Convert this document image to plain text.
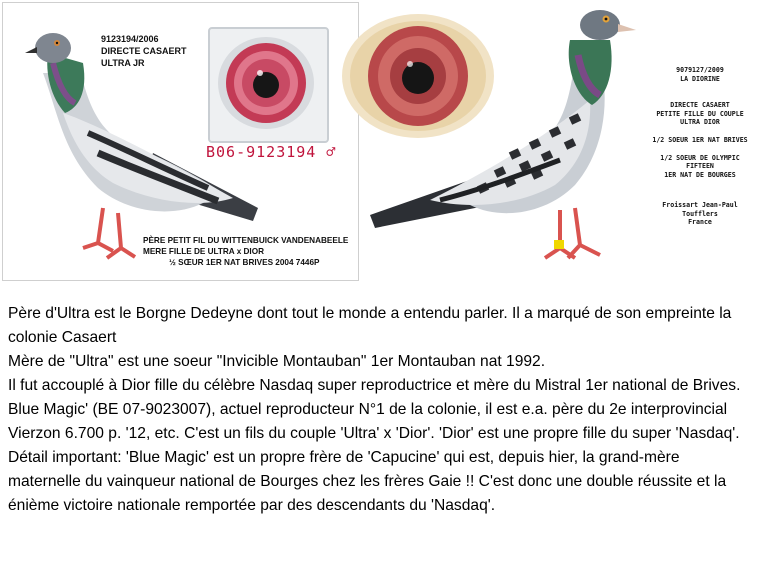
9123194/2006
DIRECTE CASAERT
ULTRA JR
B06-9123194 ♂
PÈRE PETIT FIL DU WITTENBUICK VANDENABEELE
MERE FILLE DE ULTRA x DIOR
½ SŒUR 1ER NAT BRIVES 2004 7446P
9079127/2009
LA DIORINE
DIRECTE CASAERT
PETITE FILLE DU COUPLE ULTRA DIOR
1/2 SOEUR 1ER NAT BRIVES
1/2 SOEUR DE OLYMPIC FIFTEEN
1ER NAT DE BOURGES
Froissart Jean-Paul
Toufflers
France

Père d'Ultra est le Borgne Dedeyne dont tout le monde a entendu parler. Il a marqué de son empreinte la colonie Casaert

Mère de "Ultra" est une soeur "Invicible Montauban" 1er Montauban nat 1992.

Il fut accouplé à Dior fille du célèbre Nasdaq super reproductrice et mère du Mistral 1er national de Brives.

Blue Magic' (BE 07-9023007), actuel reproducteur N°1 de la colonie, il est e.a. père du 2e interprovincial Vierzon 6.700 p. '12, etc. C'est un fils du couple 'Ultra' x 'Dior'. 'Dior' est une propre fille du super 'Nasdaq'. Détail important: 'Blue Magic' est un propre frère de 'Capucine' qui est, depuis hier, la grand-mère maternelle du vainqueur national de Bourges chez les frères Gaie !! C'est donc une double réussite et la énième victoire nationale remportée par des descendants du 'Nasdaq'.
